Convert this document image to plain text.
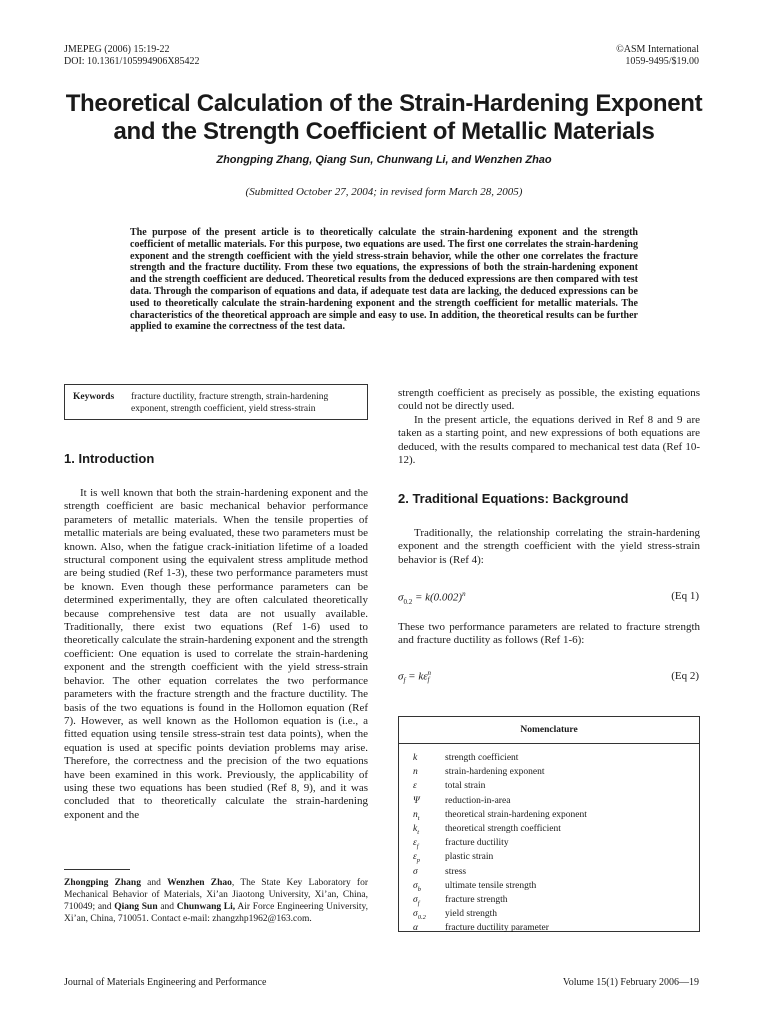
JMEPEG (2006) 15:19-22
DOI: 10.1361/105994906X85422
©ASM International
1059-9495/$19.00
Theoretical Calculation of the Strain-Hardening Exponent
and the Strength Coefficient of Metallic Materials
Zhongping Zhang, Qiang Sun, Chunwang Li, and Wenzhen Zhao
(Submitted October 27, 2004; in revised form March 28, 2005)
The purpose of the present article is to theoretically calculate the strain-hardening exponent and the strength coefficient of metallic materials. For this purpose, two equations are used. The first one correlates the strain-hardening exponent and the strength coefficient with the yield stress-strain behavior, while the other one correlates the fracture strength and the fracture ductility. From these two equations, the expressions of both the strain-hardening exponent and the strength coefficient are deduced. Theoretical results from the deduced expressions are then compared with test data. Through the comparison of equations and data, if adequate test data are lacking, the deduced expressions can be used to theoretically calculate the strain-hardening exponent and the strength coefficient for metallic materials. The characteristics of the theoretical approach are simple and easy to use. In addition, the theoretical results can be further applied to examine the correctness of the test data.
Keywords fracture ductility, fracture strength, strain-hardening exponent, strength coefficient, yield stress-strain
1. Introduction
It is well known that both the strain-hardening exponent and the strength coefficient are basic mechanical behavior performance parameters of metallic materials. When the tensile properties of metallic materials are being evaluated, these two parameters must be known. Also, when the fatigue crack-initiation lifetime of a loaded structural component using the equivalent stress amplitude method are being studied (Ref 1-3), these two performance parameters must be known. Even though these performance parameters can be determined experimentally, they are often calculated theoretically because comprehensive test data are not usually available. Traditionally, there exist two equations (Ref 1-6) used to theoretically calculate the strain-hardening exponent and the strength coefficient: One equation is used to correlate the strain-hardening exponent and the strength coefficient with the yield stress-strain behavior. The other equation correlates the two performance parameters with the fracture strength and the fracture ductility. The basis of the two equations is found in the Hollomon equation (Ref 7). However, as well known as the Hollomon equation is (i.e., a fitted equation using tensile stress-strain test data points), when the equation is used at specific points deviation problems may arise. Therefore, the correctness and the precision of the two equations have been examined in this work. Previously, the applicability of using these two equations has been studied (Ref 8, 9), and it was concluded that to theoretically calculate the strain-hardening exponent and the
Zhongping Zhang and Wenzhen Zhao, The State Key Laboratory for Mechanical Behavior of Materials, Xi’an Jiaotong University, Xi’an, China, 710049; and Qiang Sun and Chunwang Li, Air Force Engineering University, Xi’an, China, 710051. Contact e-mail: zhangzhp1962@163.com.
strength coefficient as precisely as possible, the existing equations could not be directly used.
In the present article, the equations derived in Ref 8 and 9 are taken as a starting point, and new expressions of both equations are deduced, with the results compared to mechanical test data (Ref 10-12).
2. Traditional Equations: Background
Traditionally, the relationship correlating the strain-hardening exponent and the strength coefficient with the yield stress-strain behavior is (Ref 4):
$\sigma_{0.2} = k(0.002)^n$	(Eq 1)
These two performance parameters are related to fracture strength and fracture ductility as follows (Ref 1-6):
$\sigma_f = k\varepsilon$ n
f	(Eq 2)
Nomenclature
k	strength coefficient
n	strain-hardening exponent
ε	total strain
Ψ	reduction-in-area
$n_t$	theoretical strain-hardening exponent
$k_t$	theoretical strength coefficient
$\varepsilon_f$	fracture ductility
$\varepsilon_p$	plastic strain
σ	stress
$\sigma_b$	ultimate tensile strength
$\sigma_f$	fracture strength
$\sigma_{0.2}$	yield strength
α	fracture ductility parameter
Journal of Materials Engineering and Performance	Volume 15(1) February 2006—19
